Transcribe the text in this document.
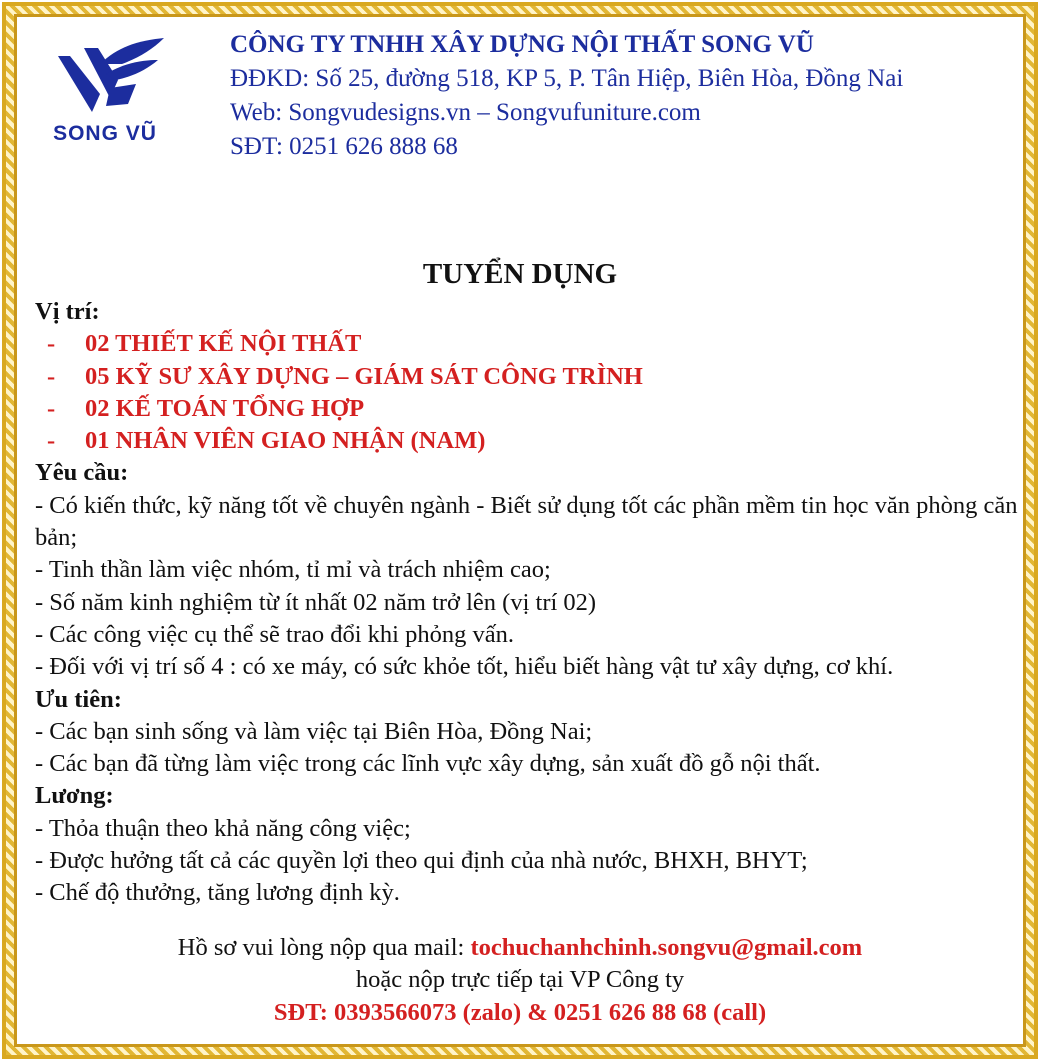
SONG VŨ
CÔNG TY TNHH XÂY DỰNG NỘI THẤT SONG VŨ
ĐĐKD: Số 25, đường 518, KP 5, P. Tân Hiệp, Biên Hòa, Đồng Nai
Web: Songvudesigns.vn – Songvufuniture.com
SĐT: 0251 626 888 68
TUYỂN DỤNG
Vị trí:
- 02 THIẾT KẾ NỘI THẤT
- 05 KỸ SƯ XÂY DỰNG – GIÁM SÁT CÔNG TRÌNH
- 02 KẾ TOÁN TỔNG HỢP
- 01 NHÂN VIÊN GIAO NHẬN (NAM)
Yêu cầu:
- Có kiến thức, kỹ năng tốt về chuyên ngành - Biết sử dụng tốt các phần mềm tin học văn phòng căn bản;
- Tinh thần làm việc nhóm, tỉ mỉ và trách nhiệm cao;
- Số năm kinh nghiệm từ ít nhất 02 năm trở lên (vị trí 02)
- Các công việc cụ thể sẽ trao đổi khi phỏng vấn.
- Đối với vị trí số 4 : có xe máy, có sức khỏe tốt, hiểu biết hàng vật tư xây dựng, cơ khí.
Ưu tiên:
- Các bạn sinh sống và làm việc tại Biên Hòa, Đồng Nai;
- Các bạn đã từng làm việc trong các lĩnh vực xây dựng, sản xuất đồ gỗ nội thất.
Lương:
- Thỏa thuận theo khả năng công việc;
- Được hưởng tất cả các quyền lợi theo qui định của nhà nước, BHXH, BHYT;
- Chế độ thưởng, tăng lương định kỳ.
Hồ sơ vui lòng nộp qua mail: tochuchanhchinh.songvu@gmail.com
hoặc nộp trực tiếp tại VP Công ty
SĐT: 0393566073 (zalo) & 0251 626 88 68 (call)
